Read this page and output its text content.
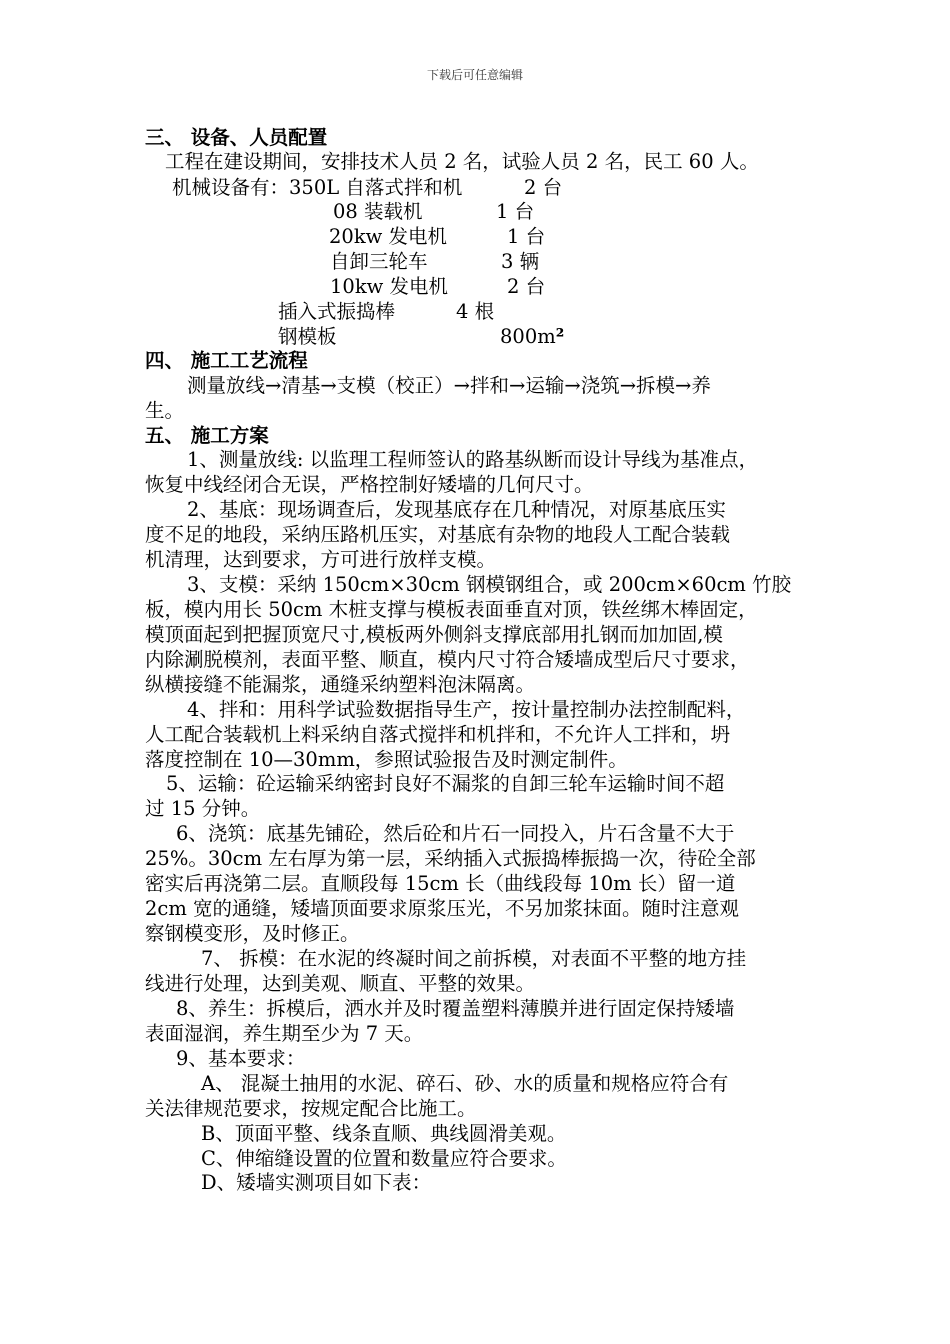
下载后可任意编辑
三、 设备、人员配置
工程在建设期间，安排技术人员 2 名，试验人员 2 名，民工 60 人。
机械设备有：350L 自落式拌和机	2 台
08 装载机	1 台
20kw 发电机	1 台
自卸三轮车	3 辆
10kw 发电机	2 台
插入式振捣棒	4 根
钢模板	800m²
四、 施工工艺流程
测量放线→清基→支模（校正）→拌和→运输→浇筑→拆模→养
生。
五、 施工方案
1、测量放线: 以监理工程师签认的路基纵断而设计导线为基准点，
恢复中线经闭合无误，严格控制好矮墙的几何尺寸。
2、基底：现场调查后，发现基底存在几种情况，对原基底压实
度不足的地段，采纳压路机压实，对基底有杂物的地段人工配合装载
机清理，达到要求，方可进行放样支模。
3、支模：采纳 150cm×30cm 钢模钢组合，或 200cm×60cm 竹胶
板，模内用长 50cm 木桩支撑与模板表面垂直对顶，铁丝绑木棒固定，
模顶面起到把握顶宽尺寸,模板两外侧斜支撑底部用扎钢而加加固,模
内除涮脱模剂，表面平整、顺直，模内尺寸符合矮墙成型后尺寸要求，
纵横接缝不能漏浆，通缝采纳塑料泡沫隔离。
4、拌和：用科学试验数据指导生产，按计量控制办法控制配料，
人工配合装载机上料采纳自落式搅拌和机拌和，不允许人工拌和，坍
落度控制在 10—30mm，参照试验报告及时测定制件。
5、运输：砼运输采纳密封良好不漏浆的自卸三轮车运输时间不超
过 15 分钟。
6、浇筑：底基先铺砼，然后砼和片石一同投入，片石含量不大于
25%。30cm 左右厚为第一层，采纳插入式振捣棒振捣一次，待砼全部
密实后再浇第二层。直顺段每 15cm 长（曲线段每 10m 长）留一道
2cm 宽的通缝，矮墙顶面要求原浆压光，不另加浆抹面。随时注意观
察钢模变形，及时修正。
7、 拆模：在水泥的终凝时间之前拆模，对表面不平整的地方挂
线进行处理，达到美观、顺直、平整的效果。
8、养生：拆模后，洒水并及时覆盖塑料薄膜并进行固定保持矮墙
表面湿润，养生期至少为 7 天。
9、基本要求：
A、 混凝土抽用的水泥、碎石、砂、水的质量和规格应符合有
关法律规范要求，按规定配合比施工。
B、顶面平整、线条直顺、典线圆滑美观。
C、伸缩缝设置的位置和数量应符合要求。
D、矮墙实测项目如下表：
